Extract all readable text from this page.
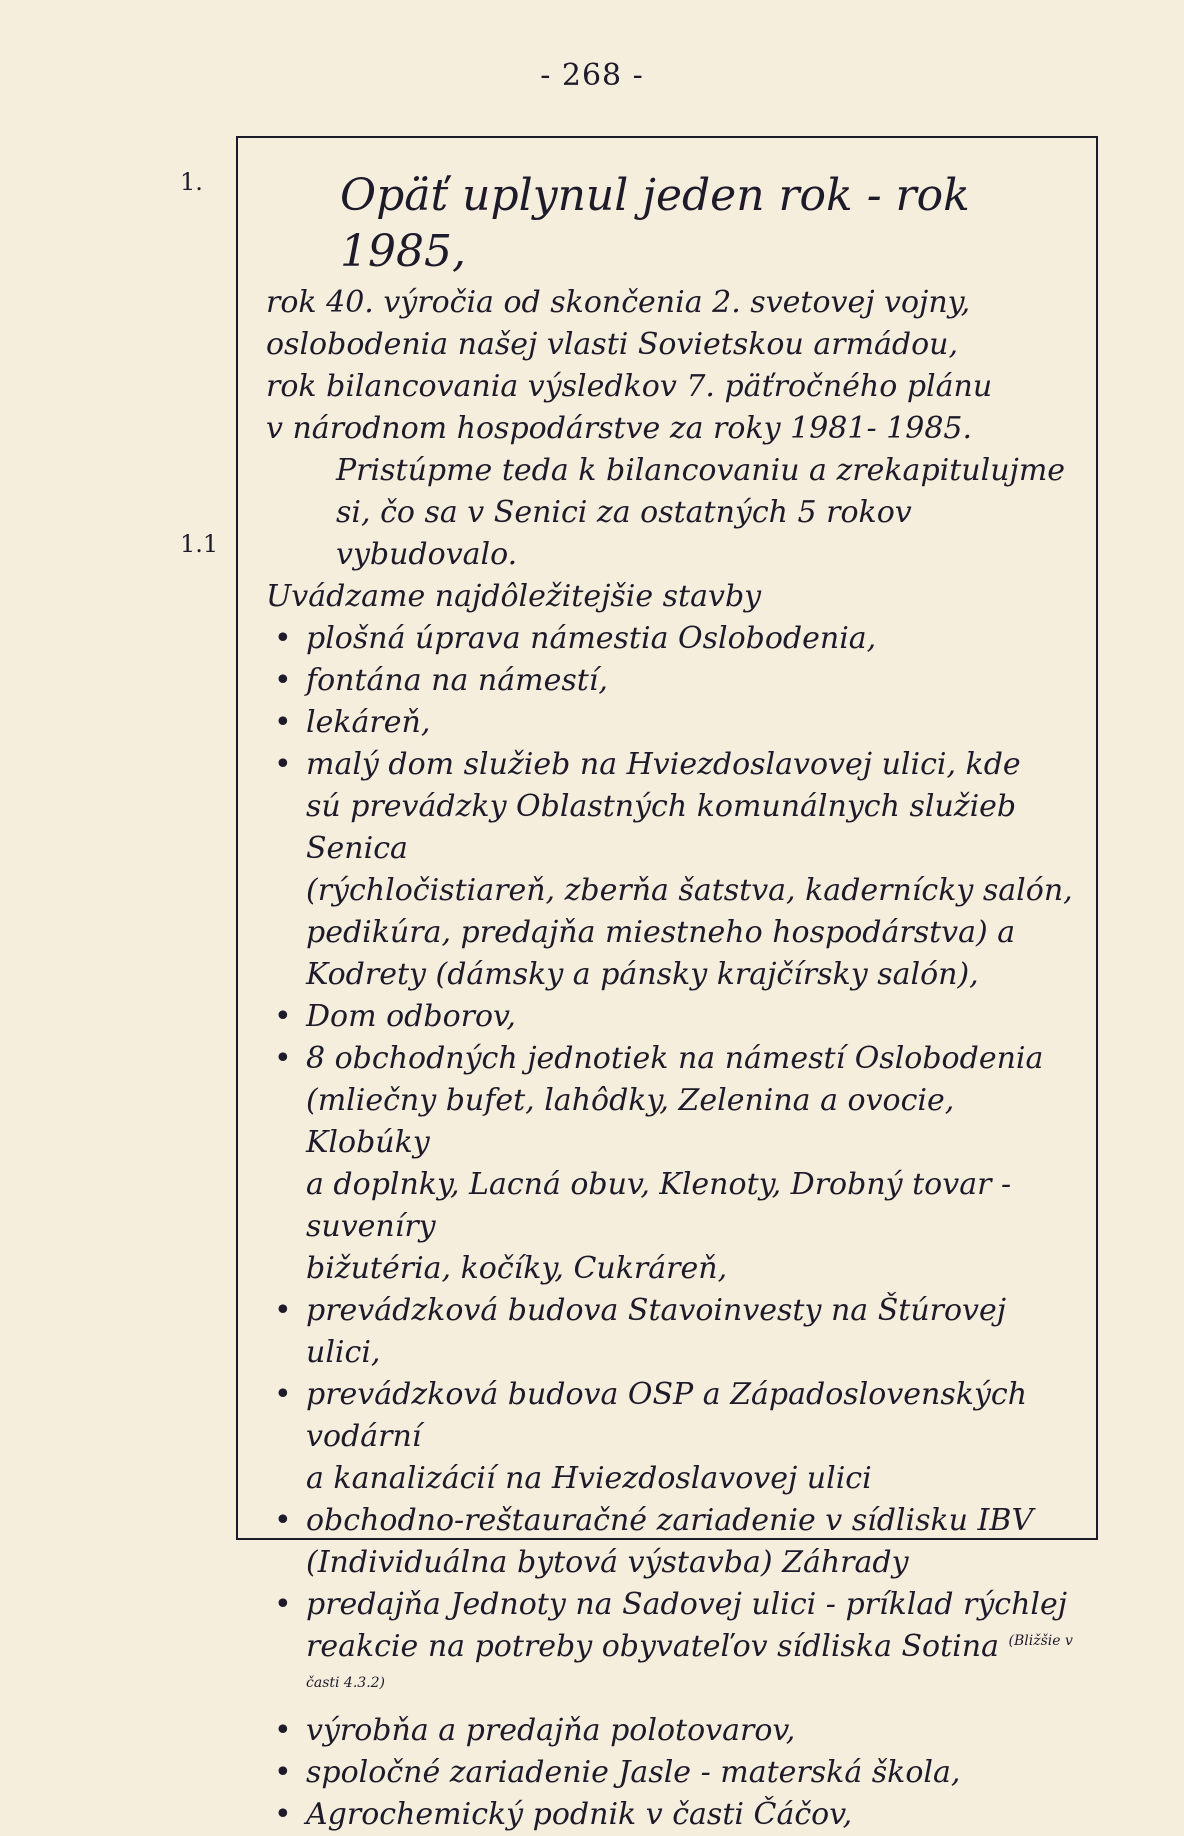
- 268 -
1.
1.1
Opäť uplynul jeden rok - rok 1985,
rok 40. výročia od skončenia 2. svetovej vojny,
oslobodenia našej vlasti Sovietskou armádou,
rok bilancovania výsledkov 7. päťročného plánu
v národnom hospodárstve za roky 1981- 1985.
Pristúpme teda k bilancovaniu a zrekapitulujme si, čo sa v Senici za ostatných 5 rokov vybudovalo.
Uvádzame najdôležitejšie stavby
• plošná úprava námestia Oslobodenia,
• fontána na námestí,
• lekáreň,
• malý dom služieb na Hviezdoslavovej ulici, kde
sú prevádzky Oblastných komunálnych služieb Senica
(rýchločistiareň, zberňa šatstva, kadernícky salón,
pedikúra, predajňa miestneho hospodárstva) a
Kodrety (dámsky a pánsky krajčírsky salón),
• Dom odborov,
• 8 obchodných jednotiek na námestí Oslobodenia
(mliečny bufet, lahôdky, Zelenina a ovocie, Klobúky
a doplnky, Lacná obuv, Klenoty, Drobný tovar - suveníry
bižutéria, kočíky, Cukráreň,
• prevádzková budova Stavoinvesty na Štúrovej ulici,
• prevádzková budova OSP a Západoslovenských vodární
a kanalizácií na Hviezdoslavovej ulici
• obchodno-reštauračné zariadenie v sídlisku IBV
(Individuálna bytová výstavba) Záhrady
• predajňa Jednoty na Sadovej ulici - príklad rýchlej
reakcie na potreby obyvateľov sídliska Sotina $^{(Bližšie v časti 4.3.2)}$
• výrobňa a predajňa polotovarov,
• spoločné zariadenie Jasle - materská škola,
• Agrochemický podnik v časti Čáčov,
